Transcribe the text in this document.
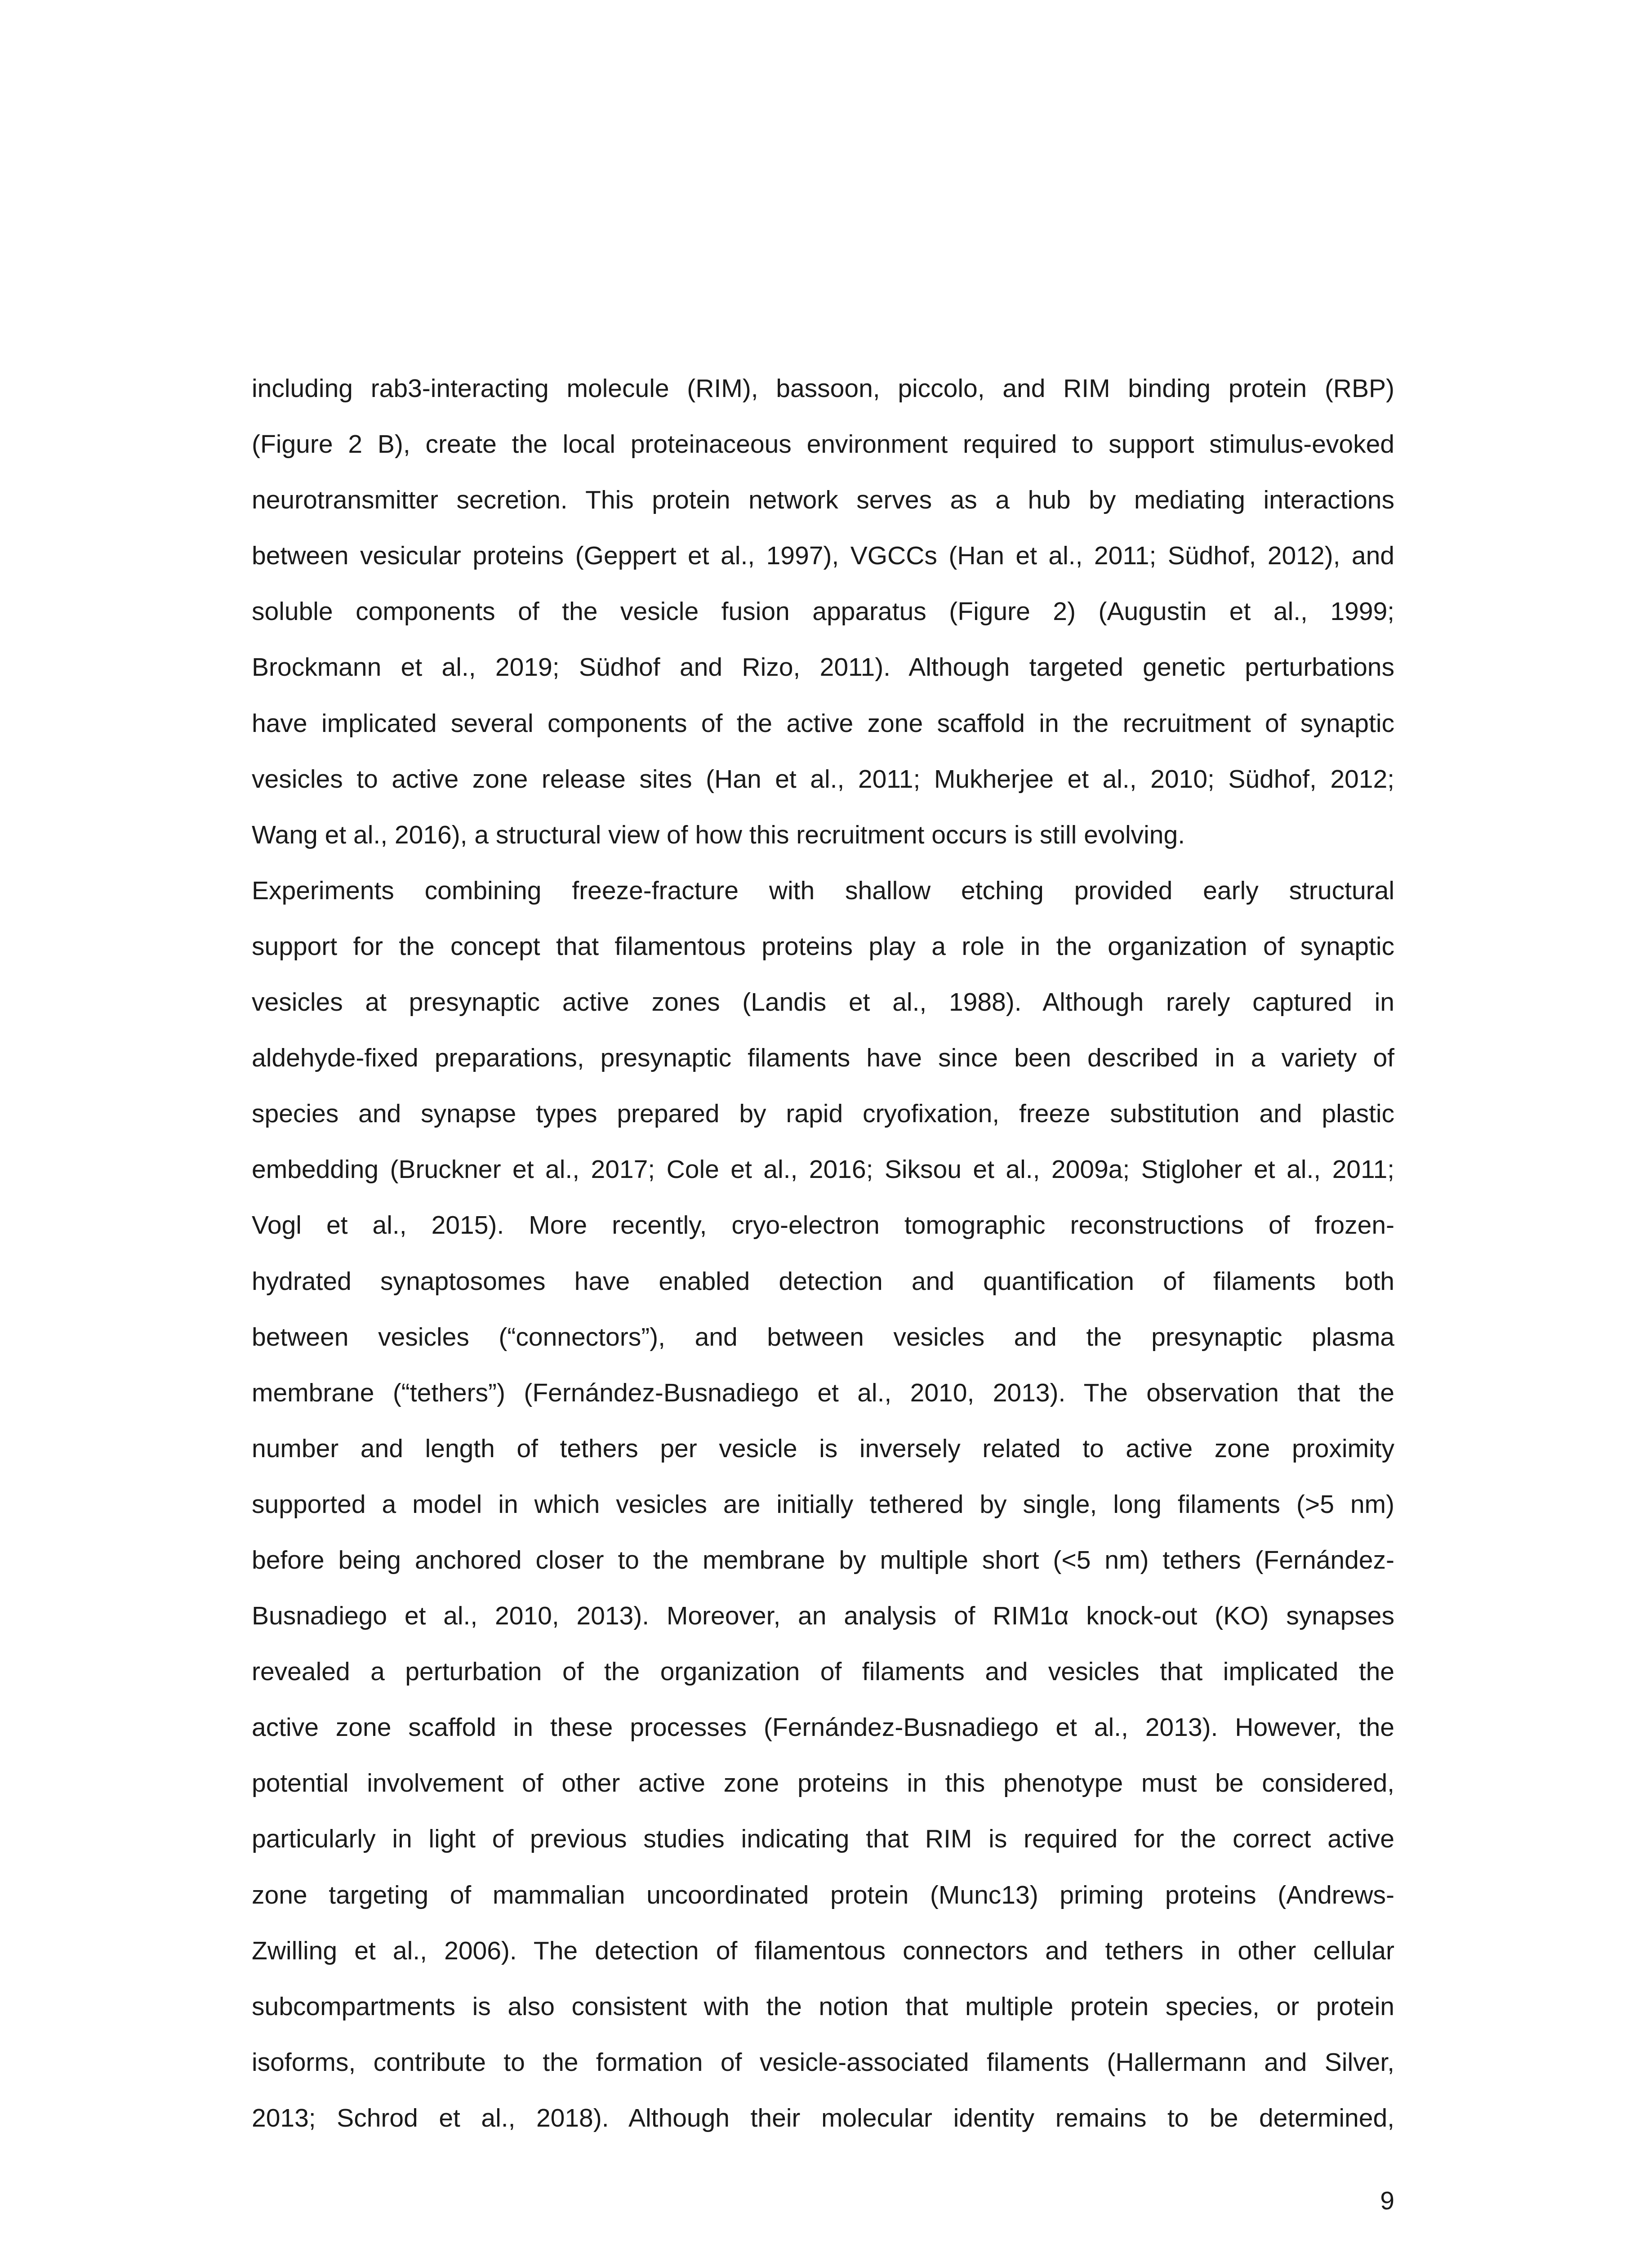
including rab3-interacting molecule (RIM), bassoon, piccolo, and RIM binding protein (RBP)
(Figure 2 B), create the local proteinaceous environment required to support stimulus-evoked
neurotransmitter secretion. This protein network serves as a hub by mediating interactions
between vesicular proteins (Geppert et al., 1997), VGCCs (Han et al., 2011; Südhof, 2012), and
soluble components of the vesicle fusion apparatus (Figure 2) (Augustin et al., 1999;
Brockmann et al., 2019; Südhof and Rizo, 2011). Although targeted genetic perturbations
have implicated several components of the active zone scaffold in the recruitment of synaptic
vesicles to active zone release sites (Han et al., 2011; Mukherjee et al., 2010; Südhof, 2012;
Wang et al., 2016), a structural view of how this recruitment occurs is still evolving.
Experiments combining freeze-fracture with shallow etching provided early structural
support for the concept that filamentous proteins play a role in the organization of synaptic
vesicles at presynaptic active zones (Landis et al., 1988). Although rarely captured in
aldehyde-fixed preparations, presynaptic filaments have since been described in a variety of
species and synapse types prepared by rapid cryofixation, freeze substitution and plastic
embedding (Bruckner et al., 2017; Cole et al., 2016; Siksou et al., 2009a; Stigloher et al., 2011;
Vogl et al., 2015). More recently, cryo-electron tomographic reconstructions of frozen-
hydrated synaptosomes have enabled detection and quantification of filaments both
between vesicles (“connectors”), and between vesicles and the presynaptic plasma
membrane (“tethers”) (Fernández-Busnadiego et al., 2010, 2013). The observation that the
number and length of tethers per vesicle is inversely related to active zone proximity
supported a model in which vesicles are initially tethered by single, long filaments (>5 nm)
before being anchored closer to the membrane by multiple short (<5 nm) tethers (Fernández-
Busnadiego et al., 2010, 2013). Moreover, an analysis of RIM1α knock-out (KO) synapses
revealed a perturbation of the organization of filaments and vesicles that implicated the
active zone scaffold in these processes (Fernández-Busnadiego et al., 2013). However, the
potential involvement of other active zone proteins in this phenotype must be considered,
particularly in light of previous studies indicating that RIM is required for the correct active
zone targeting of mammalian uncoordinated protein (Munc13) priming proteins (Andrews-
Zwilling et al., 2006). The detection of filamentous connectors and tethers in other cellular
subcompartments is also consistent with the notion that multiple protein species, or protein
isoforms, contribute to the formation of vesicle-associated filaments (Hallermann and Silver,
2013; Schrod et al., 2018). Although their molecular identity remains to be determined,
9
